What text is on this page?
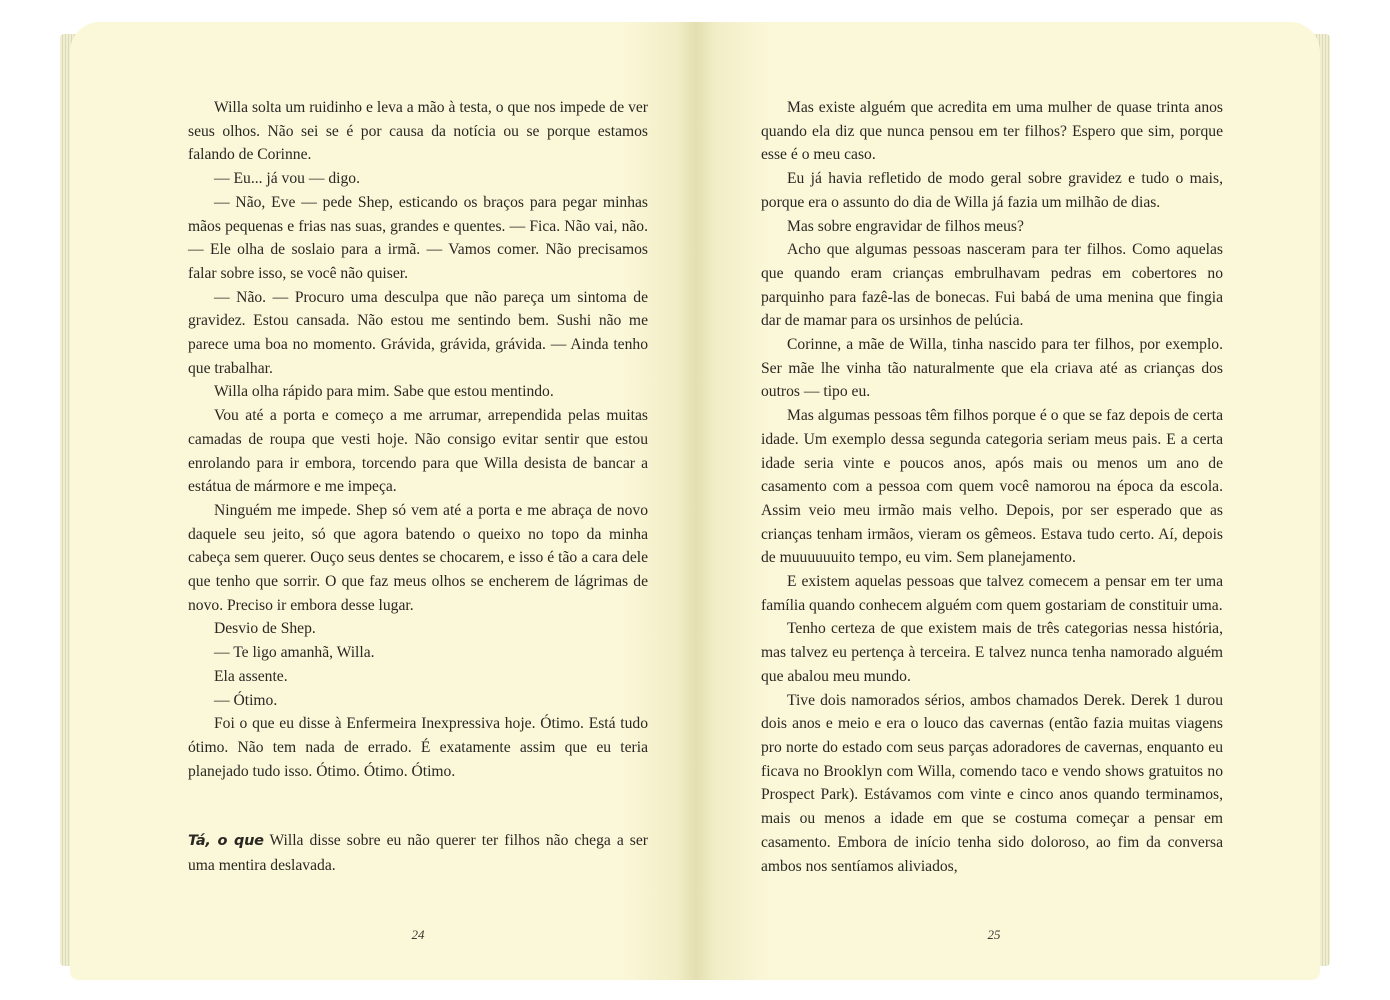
Willa solta um ruidinho e leva a mão à testa, o que nos impede de ver seus olhos. Não sei se é por causa da notícia ou se porque estamos falando de Corinne.

— Eu... já vou — digo.

— Não, Eve — pede Shep, esticando os braços para pegar minhas mãos pequenas e frias nas suas, grandes e quentes. — Fica. Não vai, não. — Ele olha de soslaio para a irmã. — Vamos comer. Não precisamos falar sobre isso, se você não quiser.

— Não. — Procuro uma desculpa que não pareça um sintoma de gravidez. Estou cansada. Não estou me sentindo bem. Sushi não me parece uma boa no momento. Grávida, grávida, grávida. — Ainda tenho que trabalhar.

Willa olha rápido para mim. Sabe que estou mentindo.

Vou até a porta e começo a me arrumar, arrependida pelas muitas camadas de roupa que vesti hoje. Não consigo evitar sentir que estou enrolando para ir embora, torcendo para que Willa desista de bancar a estátua de mármore e me impeça.

Ninguém me impede. Shep só vem até a porta e me abraça de novo daquele seu jeito, só que agora batendo o queixo no topo da minha cabeça sem querer. Ouço seus dentes se chocarem, e isso é tão a cara dele que tenho que sorrir. O que faz meus olhos se encherem de lágrimas de novo. Preciso ir embora desse lugar.

Desvio de Shep.

— Te ligo amanhã, Willa.

Ela assente.

— Ótimo.

Foi o que eu disse à Enfermeira Inexpressiva hoje. Ótimo. Está tudo ótimo. Não tem nada de errado. É exatamente assim que eu teria planejado tudo isso. Ótimo. Ótimo. Ótimo.

Tá, o que Willa disse sobre eu não querer ter filhos não chega a ser uma mentira deslavada.

24

Mas existe alguém que acredita em uma mulher de quase trinta anos quando ela diz que nunca pensou em ter filhos? Espero que sim, porque esse é o meu caso.

Eu já havia refletido de modo geral sobre gravidez e tudo o mais, porque era o assunto do dia de Willa já fazia um milhão de dias.

Mas sobre engravidar de filhos meus?

Acho que algumas pessoas nasceram para ter filhos. Como aquelas que quando eram crianças embrulhavam pedras em cobertores no parquinho para fazê-las de bonecas. Fui babá de uma menina que fingia dar de mamar para os ursinhos de pelúcia.

Corinne, a mãe de Willa, tinha nascido para ter filhos, por exemplo. Ser mãe lhe vinha tão naturalmente que ela criava até as crianças dos outros — tipo eu.

Mas algumas pessoas têm filhos porque é o que se faz depois de certa idade. Um exemplo dessa segunda categoria seriam meus pais. E a certa idade seria vinte e poucos anos, após mais ou menos um ano de casamento com a pessoa com quem você namorou na época da escola. Assim veio meu irmão mais velho. Depois, por ser esperado que as crianças tenham irmãos, vieram os gêmeos. Estava tudo certo. Aí, depois de muuuuuuito tempo, eu vim. Sem planejamento.

E existem aquelas pessoas que talvez comecem a pensar em ter uma família quando conhecem alguém com quem gostariam de constituir uma.

Tenho certeza de que existem mais de três categorias nessa história, mas talvez eu pertença à terceira. E talvez nunca tenha namorado alguém que abalou meu mundo.

Tive dois namorados sérios, ambos chamados Derek. Derek 1 durou dois anos e meio e era o louco das cavernas (então fazia muitas viagens pro norte do estado com seus parças adoradores de cavernas, enquanto eu ficava no Brooklyn com Willa, comendo taco e vendo shows gratuitos no Prospect Park). Estávamos com vinte e cinco anos quando terminamos, mais ou menos a idade em que se costuma começar a pensar em casamento. Embora de início tenha sido doloroso, ao fim da conversa ambos nos sentíamos aliviados,

25
